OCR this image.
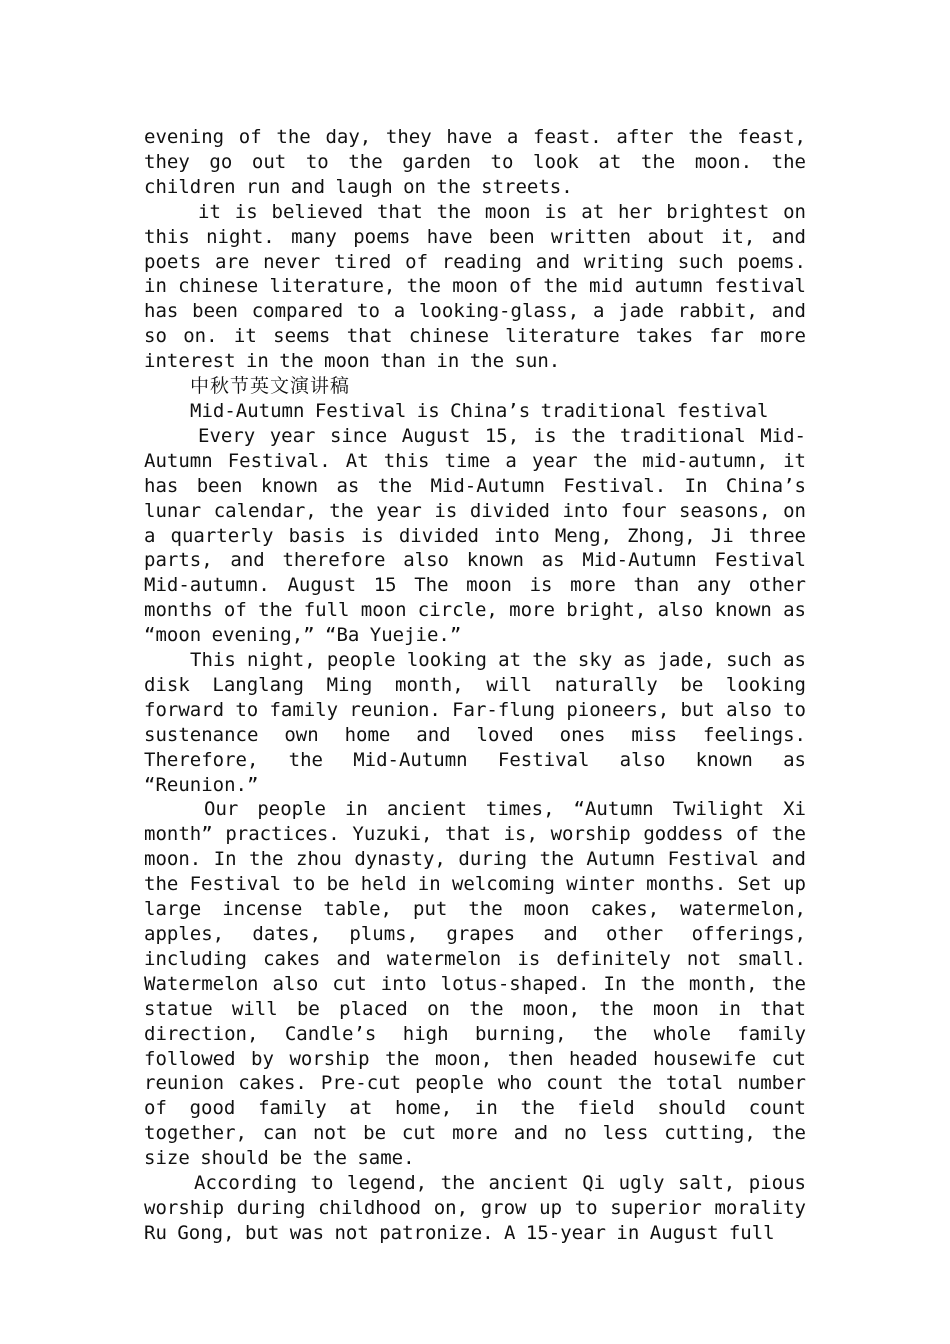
evening of the day, they have a feast. after the feast, they go out to the garden to look at the moon. the children run and laugh on the streets.

it is believed that the moon is at her brightest on this night. many poems have been written about it, and poets are never tired of reading and writing such poems. in chinese literature, the moon of the mid autumn festival has been compared to a looking-glass, a jade rabbit, and so on. it seems that chinese literature takes far more interest in the moon than in the sun.

中秋节英文演讲稿

Mid-Autumn Festival is China’s traditional festival

Every year since August 15, is the traditional Mid-Autumn Festival. At this time a year the mid-autumn, it has been known as the Mid-Autumn Festival. In China’s lunar calendar, the year is divided into four seasons, on a quarterly basis is divided into Meng, Zhong, Ji three parts, and therefore also known as Mid-Autumn Festival Mid-autumn. August 15 The moon is more than any other months of the full moon circle, more bright, also known as “moon evening,” “Ba Yuejie.”

This night, people looking at the sky as jade, such as disk Langlang Ming month, will naturally be looking forward to family reunion. Far-flung pioneers, but also to sustenance own home and loved ones miss feelings. Therefore, the Mid-Autumn Festival also known as “Reunion.”

Our people in ancient times, “Autumn Twilight Xi month” practices. Yuzuki, that is, worship goddess of the moon. In the zhou dynasty, during the Autumn Festival and the Festival to be held in welcoming winter months. Set up large incense table, put the moon cakes, watermelon, apples, dates, plums, grapes and other offerings, including cakes and watermelon is definitely not small. Watermelon also cut into lotus-shaped. In the month, the statue will be placed on the moon, the moon in that direction, Candle’s high burning, the whole family followed by worship the moon, then headed housewife cut reunion cakes. Pre-cut people who count the total number of good family at home, in the field should count together, can not be cut more and no less cutting, the size should be the same.

According to legend, the ancient Qi ugly salt, pious worship during childhood on, grow up to superior morality Ru Gong, but was not patronize. A 15-year in August full
